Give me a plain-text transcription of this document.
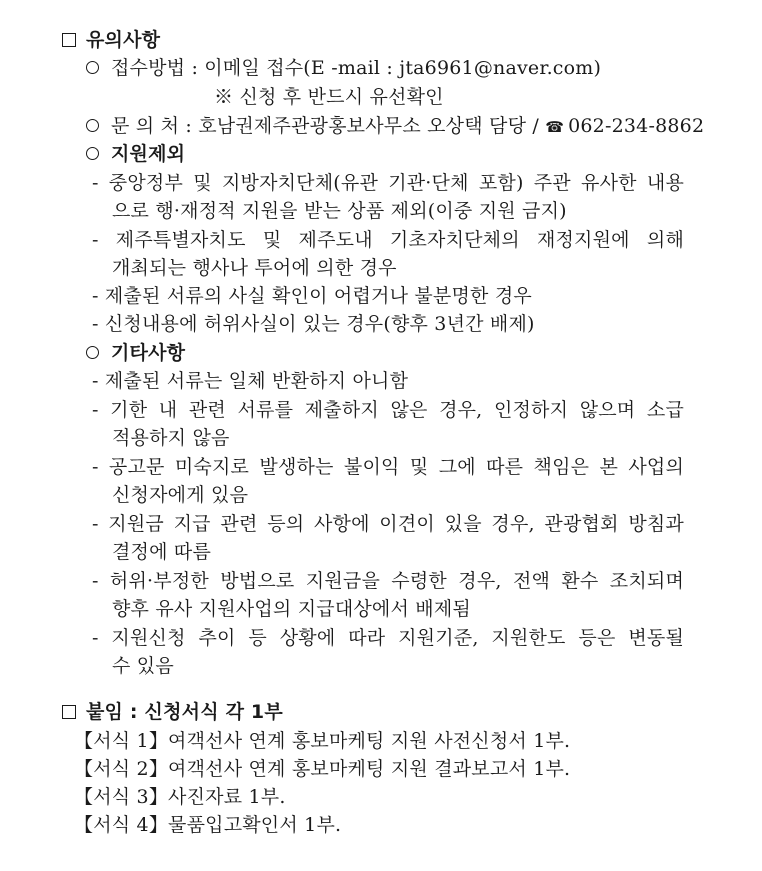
유의사항
접수방법 : 이메일 접수(E -mail : jta6961@naver.com)
※ 신청 후 반드시 유선확인
문 의 처 : 호남권제주관광홍보사무소 오상택 담당 / ☎ 062-234-8862
지원제외
- 중앙정부 및 지방자치단체(유관 기관·단체 포함) 주관 유사한 내용
으로 행·재정적 지원을 받는 상품 제외(이중 지원 금지)
- 제주특별자치도 및 제주도내 기초자치단체의 재정지원에 의해
개최되는 행사나 투어에 의한 경우
- 제출된 서류의 사실 확인이 어렵거나 불분명한 경우
- 신청내용에 허위사실이 있는 경우(향후 3년간 배제)
기타사항
- 제출된 서류는 일체 반환하지 아니함
- 기한 내 관련 서류를 제출하지 않은 경우, 인정하지 않으며 소급
적용하지 않음
- 공고문 미숙지로 발생하는 불이익 및 그에 따른 책임은 본 사업의
신청자에게 있음
- 지원금 지급 관련 등의 사항에 이견이 있을 경우, 관광협회 방침과
결정에 따름
- 허위·부정한 방법으로 지원금을 수령한 경우, 전액 환수 조치되며
향후 유사 지원사업의 지급대상에서 배제됨
- 지원신청 추이 등 상황에 따라 지원기준, 지원한도 등은 변동될
수 있음
붙임 : 신청서식 각 1부
【서식 1】여객선사 연계 홍보마케팅 지원 사전신청서 1부.
【서식 2】여객선사 연계 홍보마케팅 지원 결과보고서 1부.
【서식 3】사진자료 1부.
【서식 4】물품입고확인서 1부.
